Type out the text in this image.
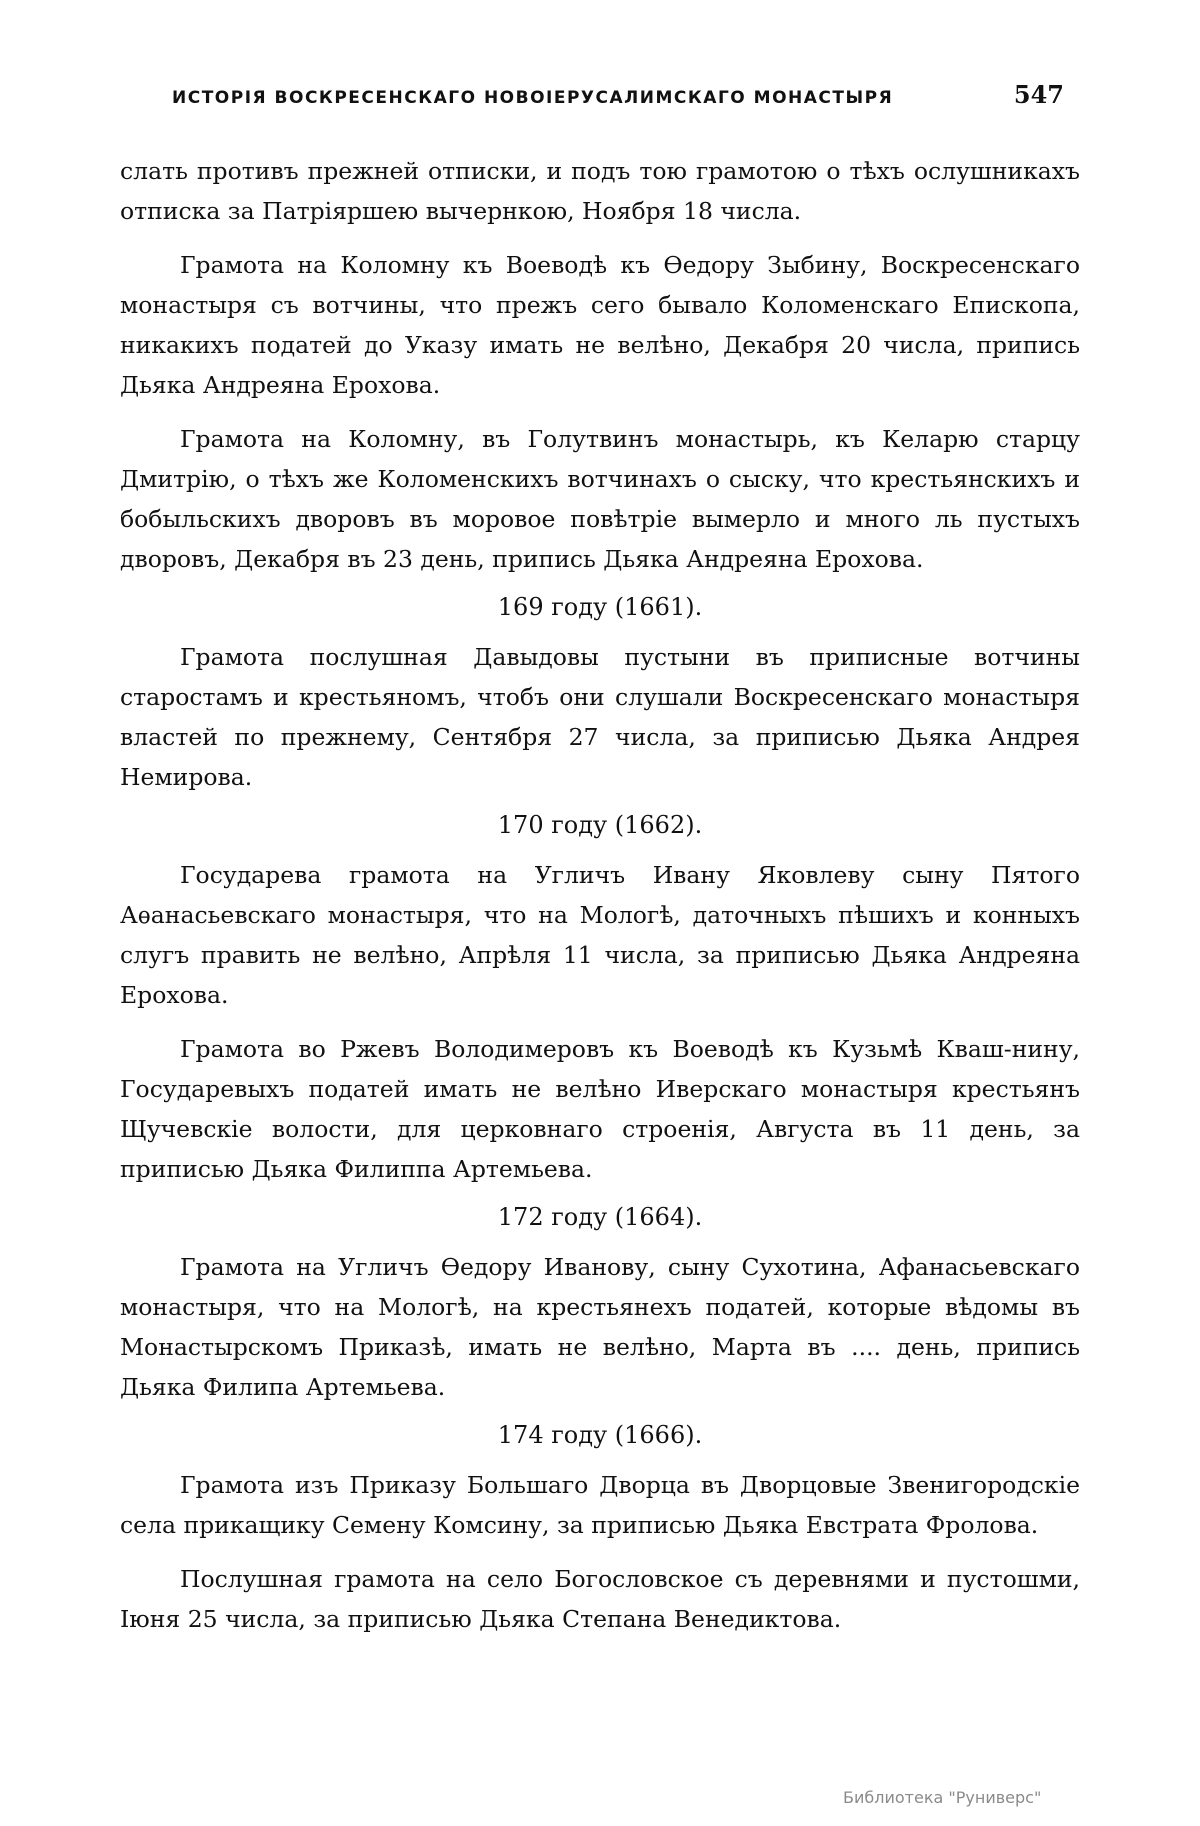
ИСТОРІЯ ВОСКРЕСЕНСКАГО НОВОІЕРУСАЛИМСКАГО МОНАСТЫРЯ	547

слать противъ прежней отписки, и подъ тою грамотою о тѣхъ ослушникахъ отписка за Патріяршею вычернкою, Ноября 18 числа.

Грамота на Коломну къ Воеводѣ къ Ѳедору Зыбину, Воскресенскаго монастыря съ вотчины, что прежъ сего бывало Коломенскаго Епископа, никакихъ податей до Указу имать не велѣно, Декабря 20 числа, припись Дьяка Андреяна Ерохова.

Грамота на Коломну, въ Голутвинъ монастырь, къ Келарю старцу Дмитрію, о тѣхъ же Коломенскихъ вотчинахъ о сыску, что крестьянскихъ и бобыльскихъ дворовъ въ моровое повѣтріе вымерло и много ль пустыхъ дворовъ, Декабря въ 23 день, припись Дьяка Андреяна Ерохова.

169 году (1661).

Грамота послушная Давыдовы пустыни въ приписные вотчины старостамъ и крестьяномъ, чтобъ они слушали Воскресенскаго монастыря властей по прежнему, Сентября 27 числа, за приписью Дьяка Андрея Немирова.

170 году (1662).

Государева грамота на Угличъ Ивану Яковлеву сыну Пятого Аѳанасьевскаго монастыря, что на Мологѣ, даточныхъ пѣшихъ и конныхъ слугъ править не велѣно, Апрѣля 11 числа, за приписью Дьяка Андреяна Ерохова.

Грамота во Ржевъ Володимеровъ къ Воеводѣ къ Кузьмѣ Кваш-нину, Государевыхъ податей имать не велѣно Иверскаго монастыря крестьянъ Щучевскіе волости, для церковнаго строенія, Августа въ 11 день, за приписью Дьяка Филиппа Артемьева.

172 году (1664).

Грамота на Угличъ Ѳедору Иванову, сыну Сухотина, Афанасьевскаго монастыря, что на Мологѣ, на крестьянехъ податей, которые вѣдомы въ Монастырскомъ Приказѣ, имать не велѣно, Марта въ .... день, припись Дьяка Филипа Артемьева.

174 году (1666).

Грамота изъ Приказу Большаго Дворца въ Дворцовые Звенигородскіе села прикащику Семену Комсину, за приписью Дьяка Евстрата Фролова.

Послушная грамота на село Богословское съ деревнями и пустошми, Іюня 25 числа, за приписью Дьяка Степана Венедиктова.

Библиотека "Руниверс"
